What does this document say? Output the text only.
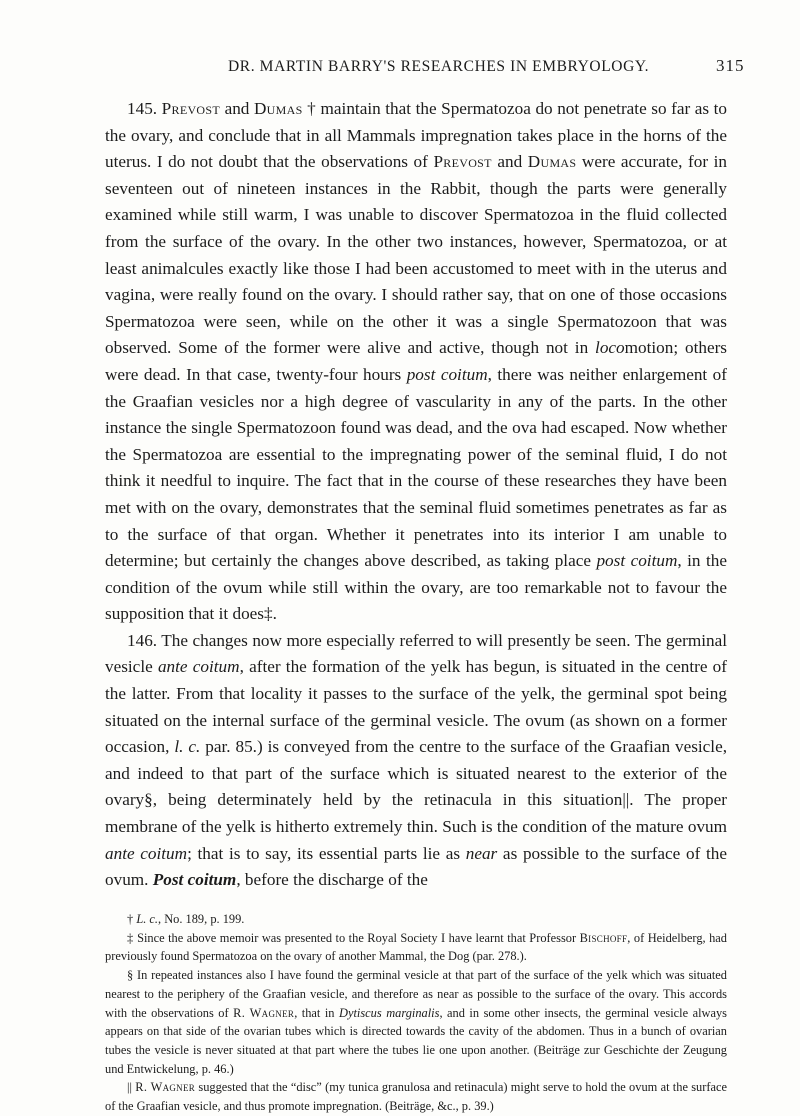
DR. MARTIN BARRY'S RESEARCHES IN EMBRYOLOGY.	315

145. Prevost and Dumas † maintain that the Spermatozoa do not penetrate so far as to the ovary, and conclude that in all Mammals impregnation takes place in the horns of the uterus. I do not doubt that the observations of Prevost and Dumas were accurate, for in seventeen out of nineteen instances in the Rabbit, though the parts were generally examined while still warm, I was unable to discover Spermatozoa in the fluid collected from the surface of the ovary. In the other two instances, however, Spermatozoa, or at least animalcules exactly like those I had been accustomed to meet with in the uterus and vagina, were really found on the ovary. I should rather say, that on one of those occasions Spermatozoa were seen, while on the other it was a single Spermatozoon that was observed. Some of the former were alive and active, though not in locomotion; others were dead. In that case, twenty-four hours post coitum, there was neither enlargement of the Graafian vesicles nor a high degree of vascularity in any of the parts. In the other instance the single Spermatozoon found was dead, and the ova had escaped. Now whether the Spermatozoa are essential to the impregnating power of the seminal fluid, I do not think it needful to inquire. The fact that in the course of these researches they have been met with on the ovary, demonstrates that the seminal fluid sometimes penetrates as far as to the surface of that organ. Whether it penetrates into its interior I am unable to determine; but certainly the changes above described, as taking place post coitum, in the condition of the ovum while still within the ovary, are too remarkable not to favour the supposition that it does‡.

146. The changes now more especially referred to will presently be seen. The germinal vesicle ante coitum, after the formation of the yelk has begun, is situated in the centre of the latter. From that locality it passes to the surface of the yelk, the germinal spot being situated on the internal surface of the germinal vesicle. The ovum (as shown on a former occasion, l. c. par. 85.) is conveyed from the centre to the surface of the Graafian vesicle, and indeed to that part of the surface which is situated nearest to the exterior of the ovary§, being determinately held by the retinacula in this situation||. The proper membrane of the yelk is hitherto extremely thin. Such is the condition of the mature ovum ante coitum; that is to say, its essential parts lie as near as possible to the surface of the ovum. Post coitum, before the discharge of the

† L. c., No. 189, p. 199.

‡ Since the above memoir was presented to the Royal Society I have learnt that Professor Bischoff, of Heidelberg, had previously found Spermatozoa on the ovary of another Mammal, the Dog (par. 278.).

§ In repeated instances also I have found the germinal vesicle at that part of the surface of the yelk which was situated nearest to the periphery of the Graafian vesicle, and therefore as near as possible to the surface of the ovary. This accords with the observations of R. Wagner, that in Dytiscus marginalis, and in some other insects, the germinal vesicle always appears on that side of the ovarian tubes which is directed towards the cavity of the abdomen. Thus in a bunch of ovarian tubes the vesicle is never situated at that part where the tubes lie one upon another. (Beiträge zur Geschichte der Zeugung und Entwickelung, p. 46.)

|| R. Wagner suggested that the “disc” (my tunica granulosa and retinacula) might serve to hold the ovum at the surface of the Graafian vesicle, and thus promote impregnation. (Beiträge, &c., p. 39.)
